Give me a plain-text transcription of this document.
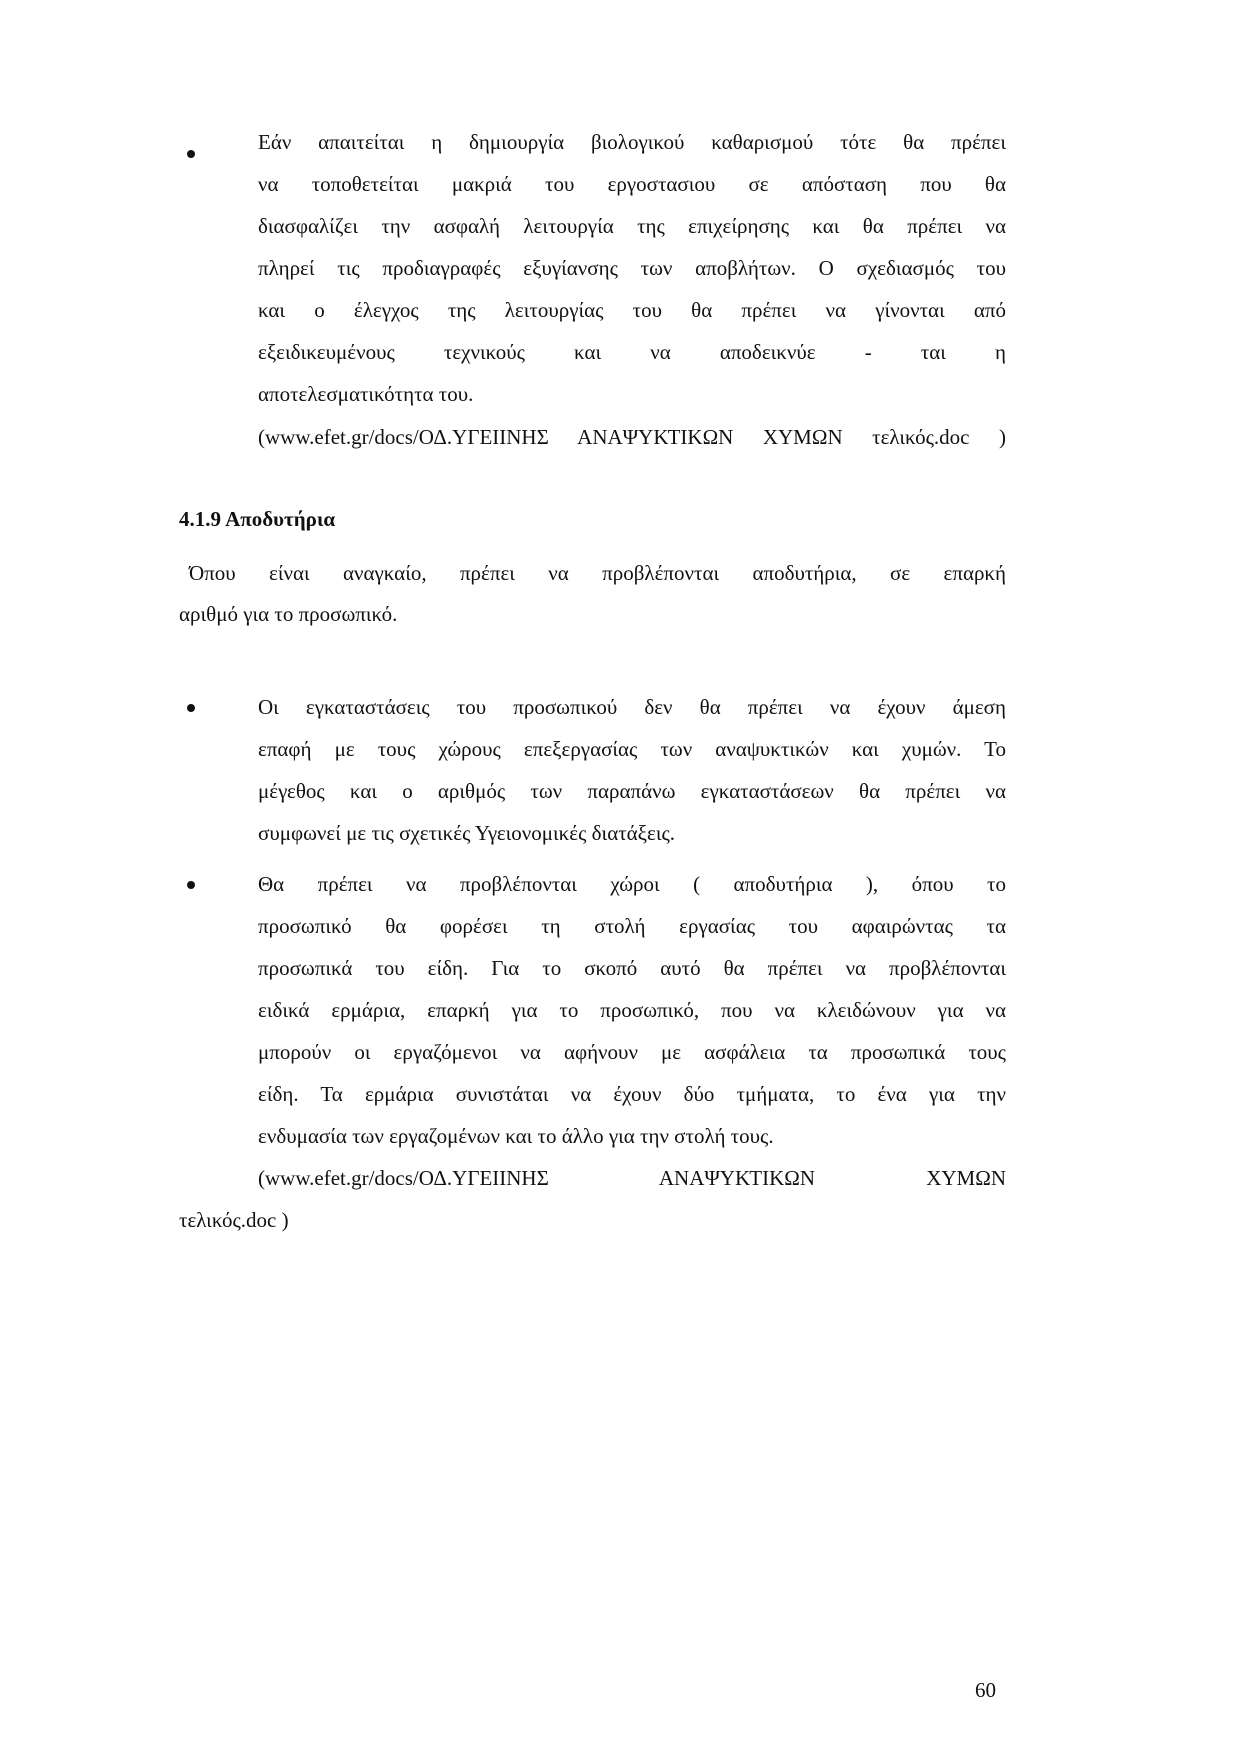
Εάν απαιτείται η δημιουργία βιολογικού καθαρισμού τότε θα πρέπει
να τοποθετείται μακριά του εργοστασιου σε απόσταση που θα
διασφαλίζει την ασφαλή λειτουργία της επιχείρησης και θα πρέπει να
πληρεί τις προδιαγραφές εξυγίανσης των αποβλήτων. Ο σχεδιασμός του
και ο έλεγχος της λειτουργίας του θα πρέπει να γίνονται από
εξειδικευμένους τεχνικούς και να αποδεικνύε - ται η
αποτελεσματικότητα του.
(www.efet.gr/docs/ΟΔ.ΥΓΕΙΙΝΗΣ ΑΝΑΨΥΚΤΙΚΩΝ ΧΥΜΩΝ τελικός.doc )
4.1.9 Αποδυτήρια
Όπου είναι αναγκαίο, πρέπει να προβλέπονται αποδυτήρια, σε επαρκή
αριθμό για το προσωπικό.
Οι εγκαταστάσεις του προσωπικού δεν θα πρέπει να έχουν άμεση
επαφή με τους χώρους επεξεργασίας των αναψυκτικών και χυμών. Το
μέγεθος και ο αριθμός των παραπάνω εγκαταστάσεων θα πρέπει να
συμφωνεί με τις σχετικές Υγειονομικές διατάξεις.
Θα πρέπει να προβλέπονται χώροι ( αποδυτήρια ), όπου το
προσωπικό θα φορέσει τη στολή εργασίας του αφαιρώντας τα
προσωπικά του είδη. Για το σκοπό αυτό θα πρέπει να προβλέπονται
ειδικά ερμάρια, επαρκή για το προσωπικό, που να κλειδώνουν για να
μπορούν οι εργαζόμενοι να αφήνουν με ασφάλεια τα προσωπικά τους
είδη. Τα ερμάρια συνιστάται να έχουν δύο τμήματα, το ένα για την
ενδυμασία των εργαζομένων και το άλλο για την στολή τους.
(www.efet.gr/docs/ΟΔ.ΥΓΕΙΙΝΗΣ ΑΝΑΨΥΚΤΙΚΩΝ ΧΥΜΩΝ
τελικός.doc )
60
